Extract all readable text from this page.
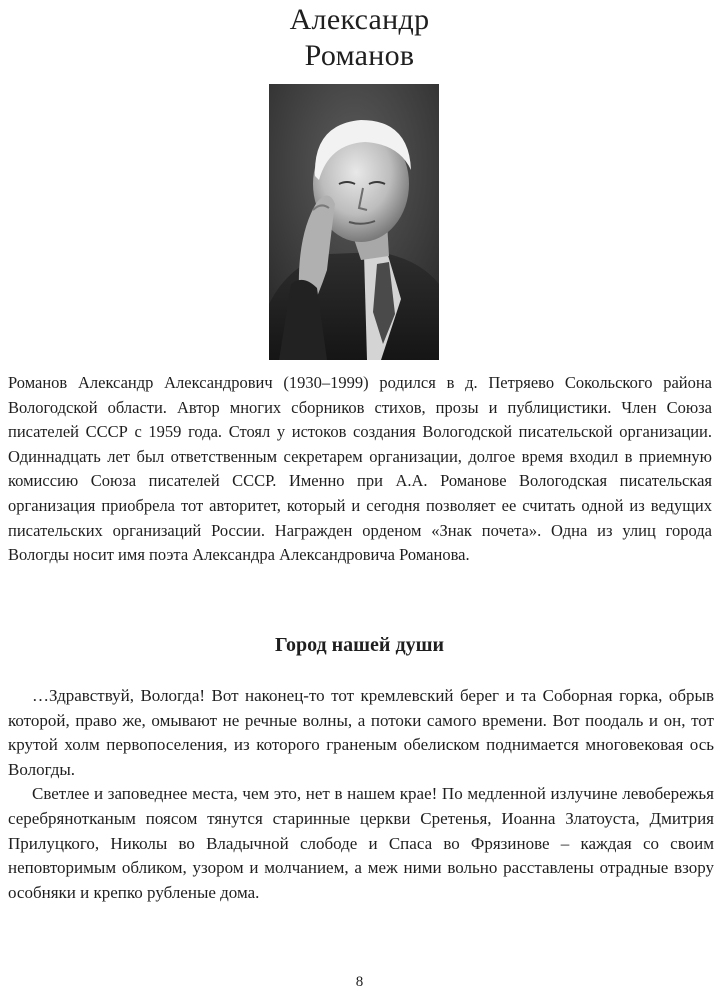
Александр
Романов

Романов Александр Александрович (1930–1999) родился в д. Петряево Сокольского района Вологодской области. Автор многих сборников стихов, прозы и публицистики. Член Союза писателей СССР с 1959 года. Стоял у истоков создания Вологодской писательской организации. Одиннадцать лет был ответственным секретарем организации, долгое время входил в приемную комиссию Союза писателей СССР. Именно при А.А. Романове Вологодская писательская организация приобрела тот авторитет, который и сегодня позволяет ее считать одной из ведущих писательских организаций России. Награжден орденом «Знак почета». Одна из улиц города Вологды носит имя поэта Александра Александровича Романова.

Город нашей души

…Здравствуй, Вологда! Вот наконец-то тот кремлевский берег и та Соборная горка, обрыв которой, право же, омывают не речные волны, а потоки самого времени. Вот поодаль и он, тот крутой холм первопоселения, из которого граненым обелиском поднимается многовековая ось Вологды.

Светлее и заповеднее места, чем это, нет в нашем крае! По медленной излучине левобережья серебрянотканым поясом тянутся старинные церкви Сретенья, Иоанна Златоуста, Дмитрия Прилуцкого, Николы во Владычной слободе и Спаса во Фрязинове – каждая со своим неповторимым обликом, узором и молчанием, а меж ними вольно расставлены отрадные взору особняки и крепко рубленые дома.

8
